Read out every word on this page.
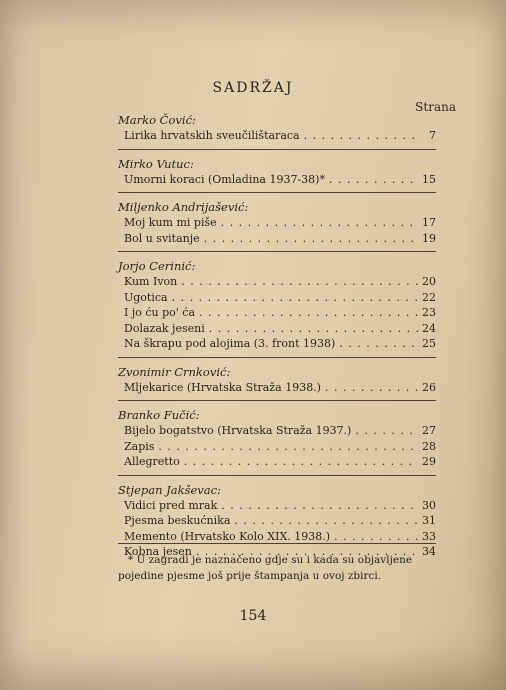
SADRŽAJ
Strana
Marko Čović:
Lirika hrvatskih sveučilištaraca . . .	7
Mirko Vutuc:
Umorni koraci (Omladina 1937-38)* . . .	15
Miljenko Andrijašević:
Moj kum mi piše . . .	17
Bol u svitanje . . .	19
Jorjo Cerinić:
Kum Ivon . . .	20
Ugotica . . .	22
I jo ću po' ća . . .	23
Dolazak jeseni . . .	24
Na škrapu pod alojima (3. front 1938) . . .	25
Zvonimir Crnković:
Mljekarice (Hrvatska Straža 1938.) . . .	26
Branko Fučić:
Bijelo bogatstvo (Hrvatska Straža 1937.) . . .	27
Zapis . . .	28
Allegretto . . .	29
Stjepan Jakševac:
Vidici pred mrak . . .	30
Pjesma beskućnika . . .	31
Memento (Hrvatsko Kolo XIX. 1938.) . . .	33
Kobna jesen . . .	34
* U zagradi je naznačeno gdje su i kada su objavljene pojedine pjesme još prije štampanja u ovoj zbirci.
154
